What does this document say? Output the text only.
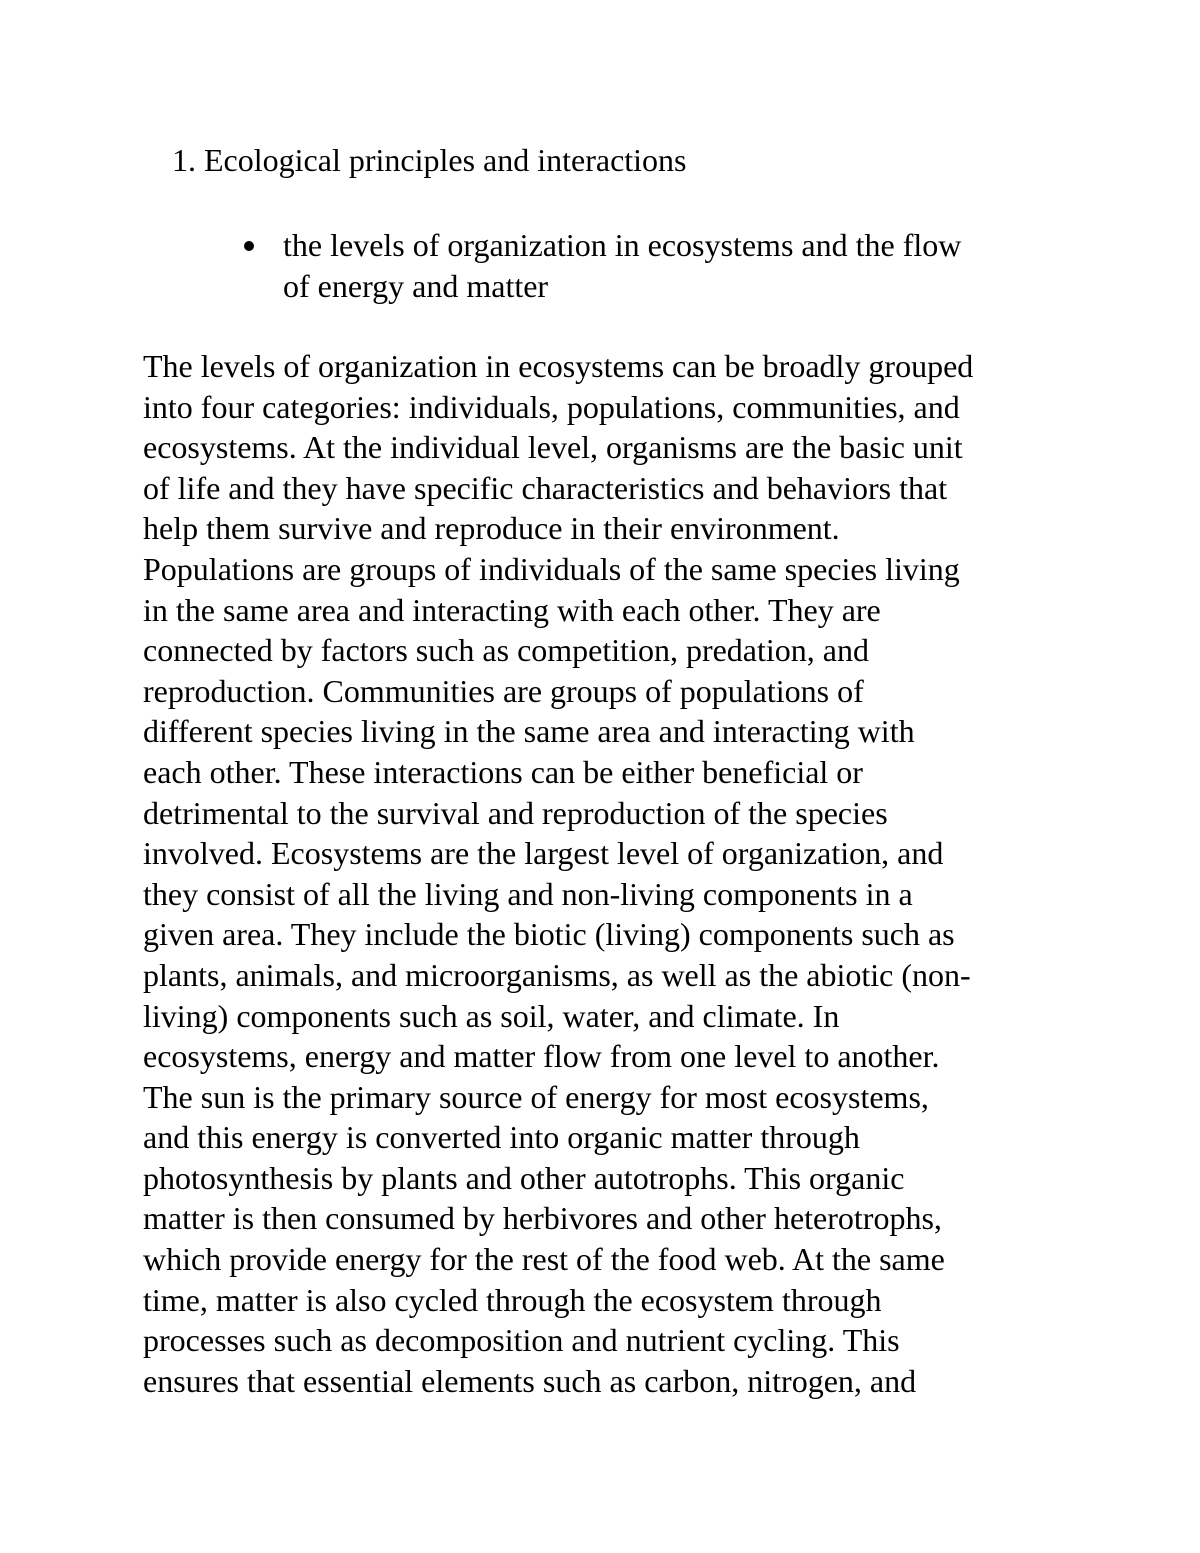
1. Ecological principles and interactions
the levels of organization in ecosystems and the flow
of energy and matter
The levels of organization in ecosystems can be broadly grouped
into four categories: individuals, populations, communities, and
ecosystems. At the individual level, organisms are the basic unit
of life and they have specific characteristics and behaviors that
help them survive and reproduce in their environment.
Populations are groups of individuals of the same species living
in the same area and interacting with each other. They are
connected by factors such as competition, predation, and
reproduction. Communities are groups of populations of
different species living in the same area and interacting with
each other. These interactions can be either beneficial or
detrimental to the survival and reproduction of the species
involved. Ecosystems are the largest level of organization, and
they consist of all the living and non-living components in a
given area. They include the biotic (living) components such as
plants, animals, and microorganisms, as well as the abiotic (non-
living) components such as soil, water, and climate. In
ecosystems, energy and matter flow from one level to another.
The sun is the primary source of energy for most ecosystems,
and this energy is converted into organic matter through
photosynthesis by plants and other autotrophs. This organic
matter is then consumed by herbivores and other heterotrophs,
which provide energy for the rest of the food web. At the same
time, matter is also cycled through the ecosystem through
processes such as decomposition and nutrient cycling. This
ensures that essential elements such as carbon, nitrogen, and
